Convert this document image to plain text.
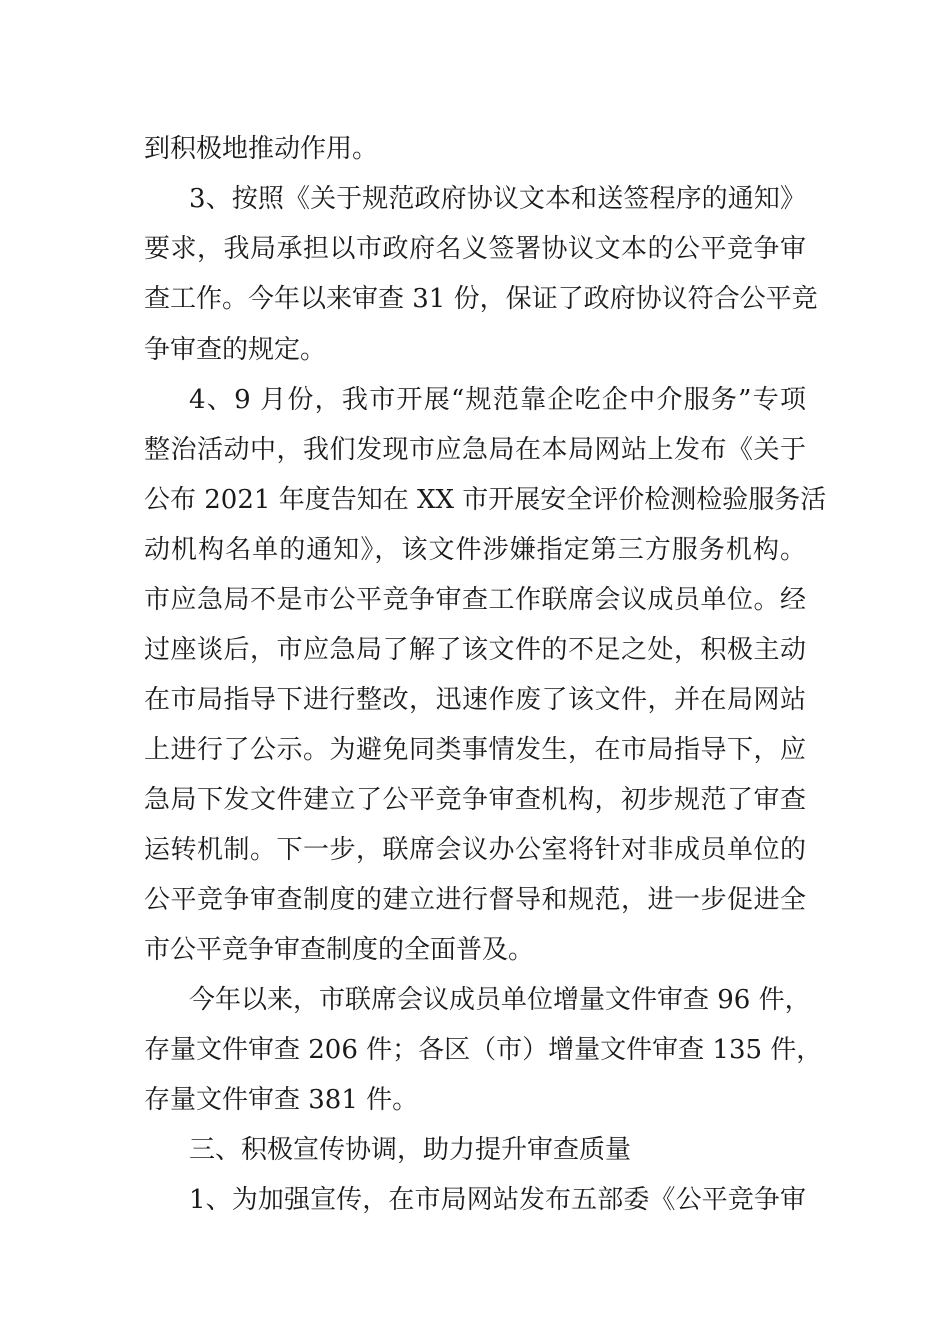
到积极地推动作用。
3、按照《关于规范政府协议文本和送签程序的通知》
要求，我局承担以市政府名义签署协议文本的公平竞争审
查工作。今年以来审查 31 份，保证了政府协议符合公平竞
争审查的规定。
4、9 月份，我市开展“规范靠企吃企中介服务”专项
整治活动中，我们发现市应急局在本局网站上发布《关于
公布 2021 年度告知在 XX 市开展安全评价检测检验服务活
动机构名单的通知》，该文件涉嫌指定第三方服务机构。
市应急局不是市公平竞争审查工作联席会议成员单位。经
过座谈后，市应急局了解了该文件的不足之处，积极主动
在市局指导下进行整改，迅速作废了该文件，并在局网站
上进行了公示。为避免同类事情发生，在市局指导下，应
急局下发文件建立了公平竞争审查机构，初步规范了审查
运转机制。下一步，联席会议办公室将针对非成员单位的
公平竞争审查制度的建立进行督导和规范，进一步促进全
市公平竞争审查制度的全面普及。
今年以来，市联席会议成员单位增量文件审查 96 件，
存量文件审查 206 件；各区（市）增量文件审查 135 件，
存量文件审查 381 件。
三、积极宣传协调，助力提升审查质量
1、为加强宣传，在市局网站发布五部委《公平竞争审
